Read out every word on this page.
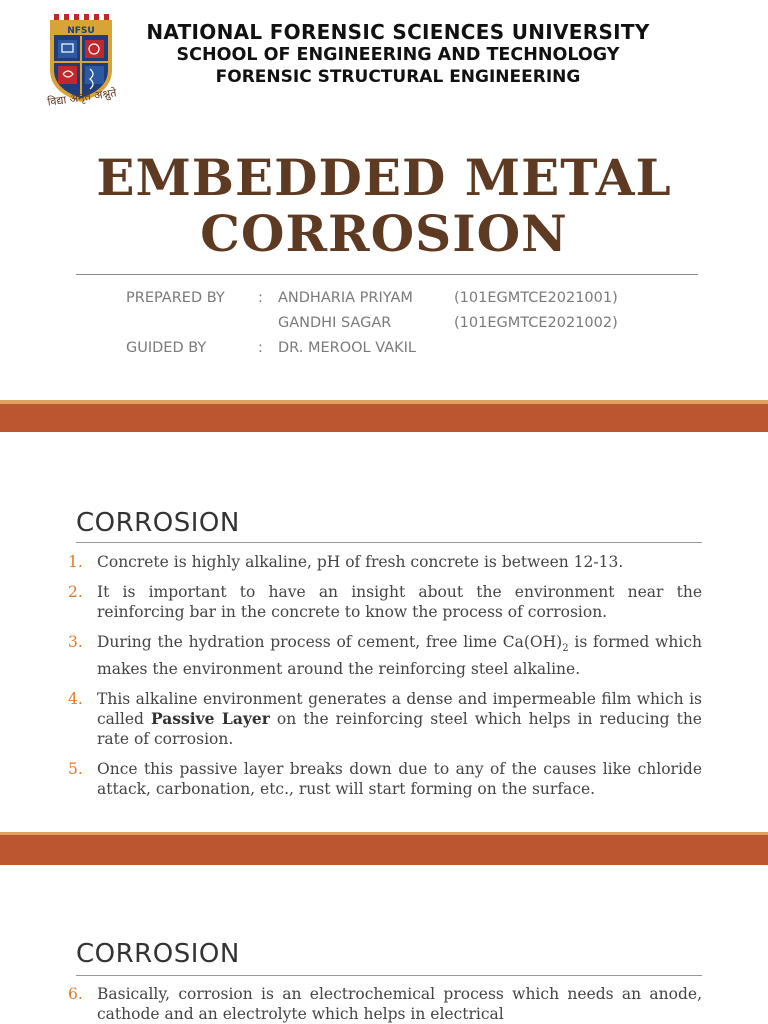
NFSU
विद्या अमृतं अश्नुते
NATIONAL FORENSIC SCIENCES UNIVERSITY
SCHOOL OF ENGINEERING AND TECHNOLOGY
FORENSIC STRUCTURAL ENGINEERING
EMBEDDED METAL
CORROSION
PREPARED BY : ANDHARIA PRIYAM	(101EGMTCE2021001)
GANDHI SAGAR	(101EGMTCE2021002)
GUIDED BY	: DR. MEROOL VAKIL
CORROSION
1. Concrete is highly alkaline, pH of fresh concrete is between 12-13.
2. It is important to have an insight about the environment near the reinforcing bar in the concrete to know the process of corrosion.
3. During the hydration process of cement, free lime $Ca(OH)_2$ is formed which makes the environment around the reinforcing steel alkaline.
4. This alkaline environment generates a dense and impermeable film which is called Passive Layer on the reinforcing steel which helps in reducing the rate of corrosion.
5. Once this passive layer breaks down due to any of the causes like chloride attack, carbonation, etc., rust will start forming on the surface.
CORROSION
6. Basically, corrosion is an electrochemical process which needs an anode, cathode and an electrolyte which helps in electrical
